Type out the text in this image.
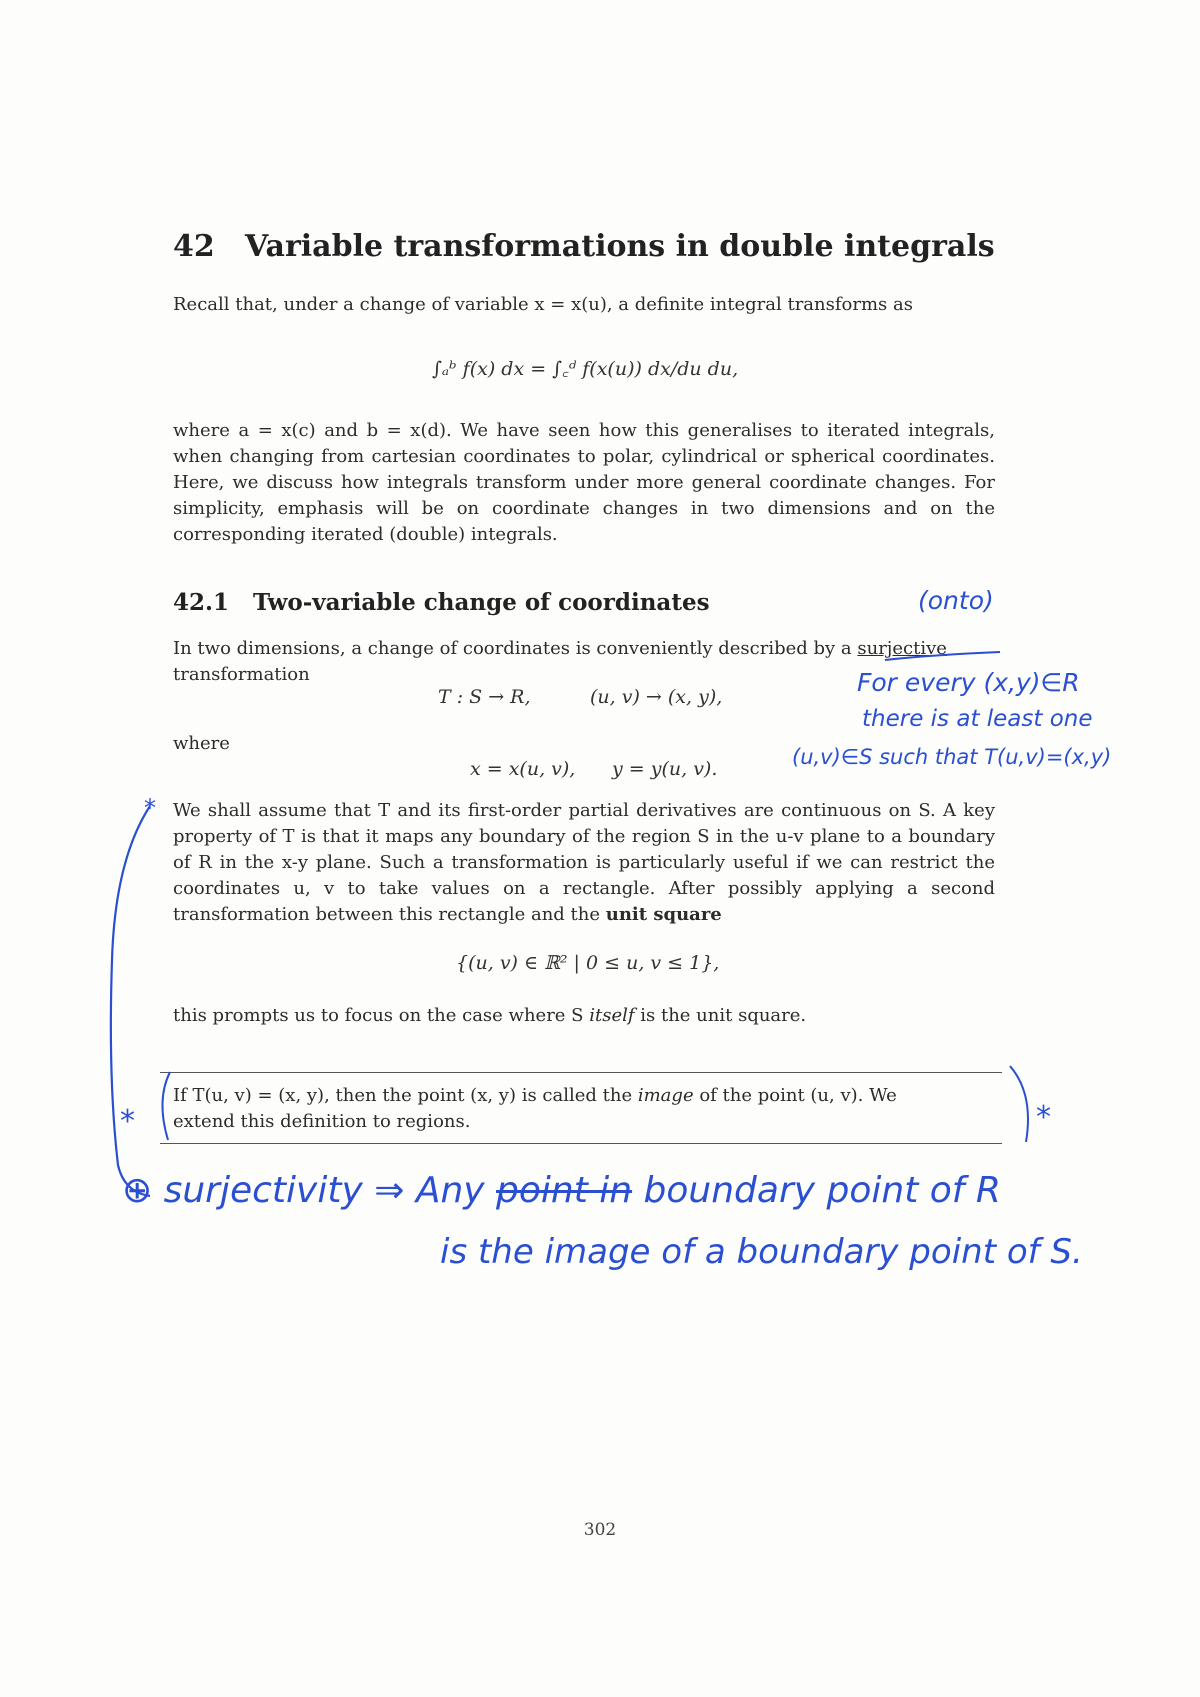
42 Variable transformations in double integrals
Recall that, under a change of variable x = x(u), a definite integral transforms as
∫ₐᵇ f(x) dx = ∫꜀ᵈ f(x(u)) dx/du du,
where a = x(c) and b = x(d). We have seen how this generalises to iterated integrals, when changing from cartesian coordinates to polar, cylindrical or spherical coordinates. Here, we discuss how integrals transform under more general coordinate changes. For simplicity, emphasis will be on coordinate changes in two dimensions and on the corresponding iterated (double) integrals.
42.1 Two-variable change of coordinates
In two dimensions, a change of coordinates is conveniently described by a surjective
transformation
T : S → R,	(u, v) → (x, y),
where
x = x(u, v), y = y(u, v).
We shall assume that T and its first-order partial derivatives are continuous on S. A key property of T is that it maps any boundary of the region S in the u-v plane to a boundary of R in the x-y plane. Such a transformation is particularly useful if we can restrict the coordinates u, v to take values on a rectangle. After possibly applying a second transformation between this rectangle and the unit square
{(u, v) ∈ ℝ² | 0 ≤ u, v ≤ 1},
this prompts us to focus on the case where S itself is the unit square.
If T(u, v) = (x, y), then the point (x, y) is called the image of the point (u, v). We
extend this definition to regions.
(onto)
For every (x,y)∈R
there is at least one
(u,v)∈S such that T(u,v)=(x,y)
*
*	*
⊕ surjectivity ⇒ Any point in boundary point of R
is the image of a boundary point of S.
302
